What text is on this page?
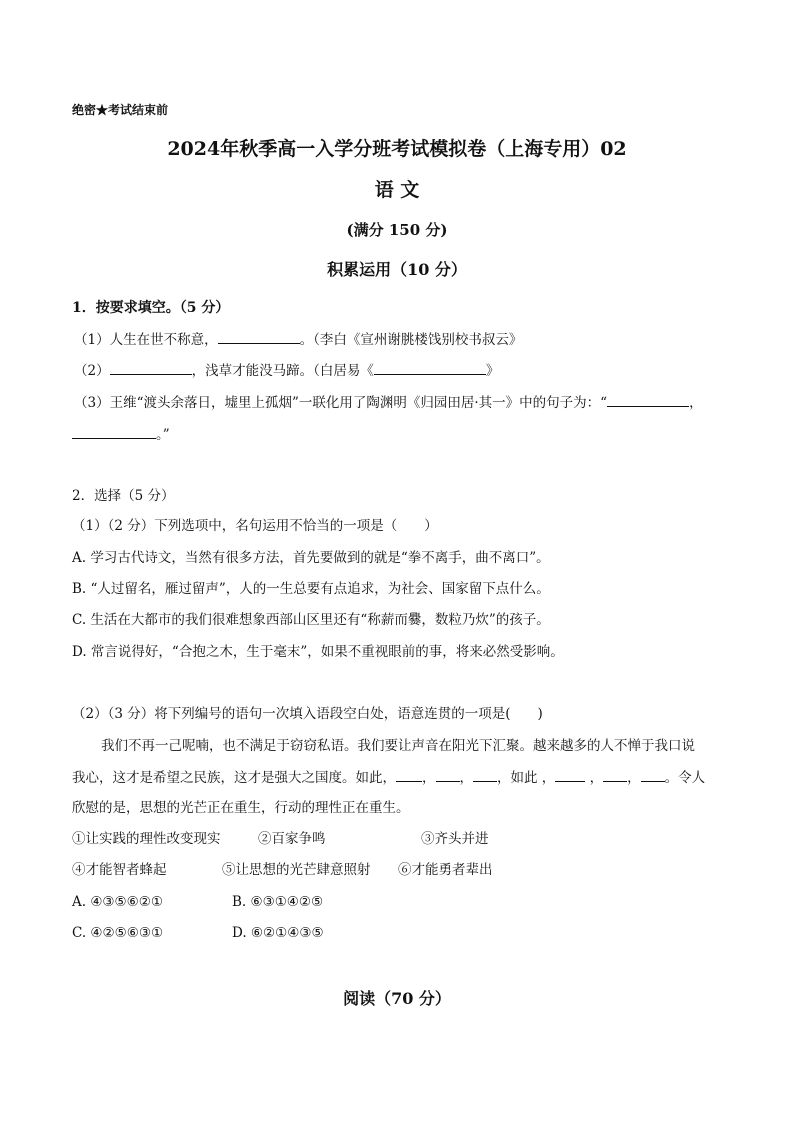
绝密★考试结束前
2024年秋季高一入学分班考试模拟卷（上海专用）02
语 文
(满分 150 分)
积累运用（10 分）
1．按要求填空。（5 分）
（1）人生在世不称意，	。（李白《宣州谢朓楼饯别校书叔云》
（2）	，浅草才能没马蹄。（白居易《	》
（3）王维“渡头余落日，墟里上孤烟”一联化用了陶渊明《归园田居·其一》中的句子为：“	，
。”
2．选择（5 分）
（1）（2 分）下列选项中，名句运用不恰当的一项是（　　）
A. 学习古代诗文，当然有很多方法，首先要做到的就是“拳不离手，曲不离口”。
B. “人过留名，雁过留声”，人的一生总要有点追求，为社会、国家留下点什么。
C. 生活在大都市的我们很难想象西部山区里还有“称薪而爨，数粒乃炊”的孩子。
D. 常言说得好，“合抱之木，生于毫末”，如果不重视眼前的事，将来必然受影响。
（2）（3 分）将下列编号的语句一次填入语段空白处，语意连贯的一项是(　　)
我们不再一己呢喃，也不满足于窃窃私语。我们要让声音在阳光下汇聚。越来越多的人不惮于我口说
我心，这才是希望之民族，这才是强大之国度。如此， ， ， ，如此 ， ， ， 。令人
欣慰的是，思想的光芒正在重生，行动的理性正在重生。
①让实践的理性改变现实	②百家争鸣	③齐头并进
④才能智者蜂起	⑤让思想的光芒肆意照射 ⑥才能勇者辈出
A. ④③⑤⑥②①	B. ⑥③①④②⑤
C. ④②⑤⑥③①	D. ⑥②①④③⑤
阅读（70 分）
